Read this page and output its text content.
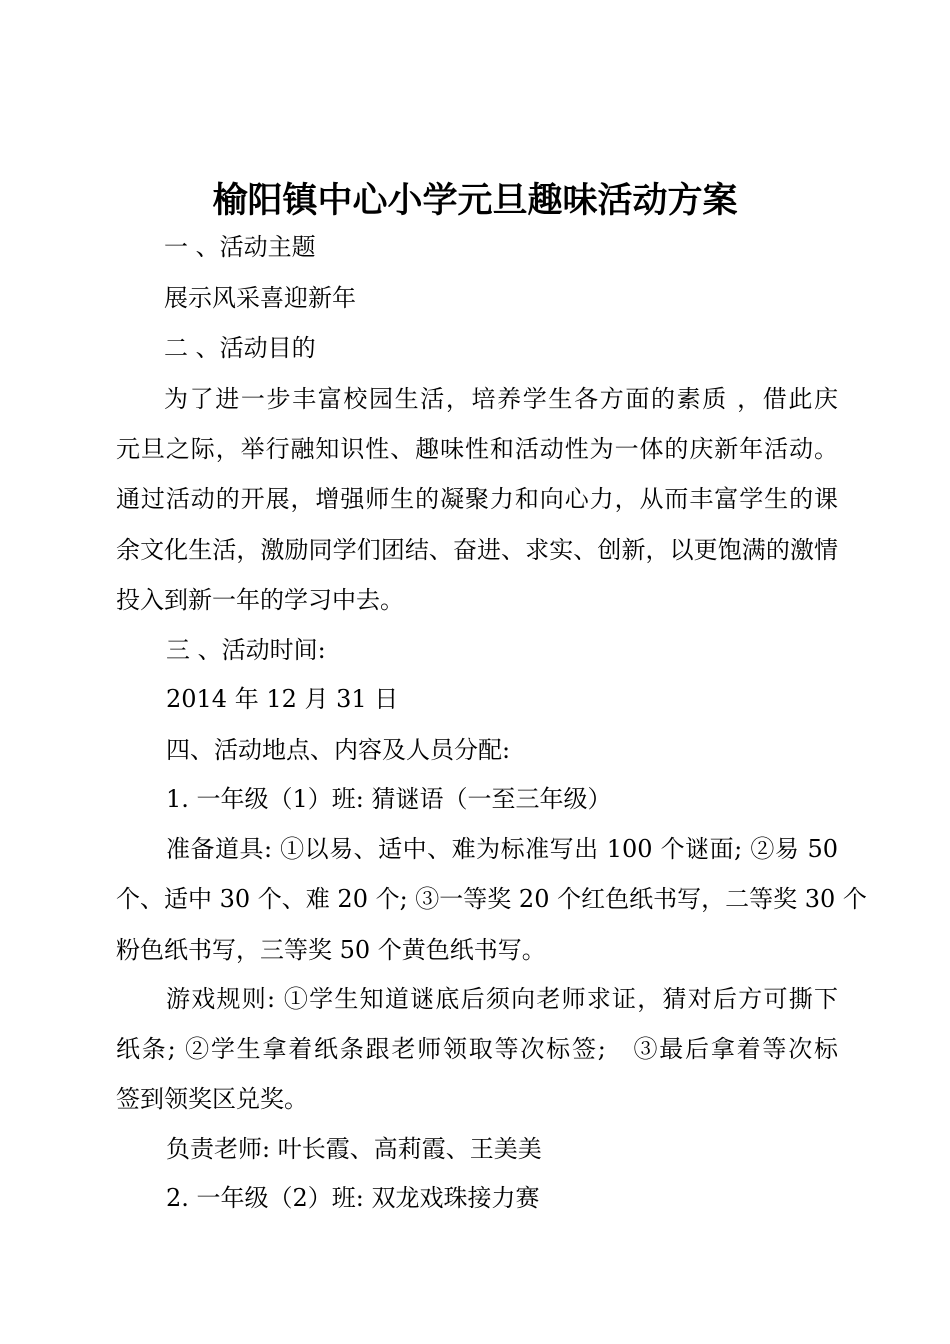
榆阳镇中心小学元旦趣味活动方案
一 、活动主题
展示风采喜迎新年
二 、活动目的
为了进一步丰富校园生活，培养学生各方面的素质 ，借此庆
元旦之际，举行融知识性、趣味性和活动性为一体的庆新年活动。
通过活动的开展，增强师生的凝聚力和向心力，从而丰富学生的课
余文化生活，激励同学们团结、奋进、求实、创新，以更饱满的激情
投入到新一年的学习中去。
三 、活动时间:
2014 年 12 月 31 日
四、活动地点、内容及人员分配:
1. 一年级（1）班: 猜谜语（一至三年级）
准备道具: ①以易、适中、难为标准写出 100 个谜面; ②易 50
个、适中 30 个、难 20 个; ③一等奖 20 个红色纸书写，二等奖 30 个
粉色纸书写，三等奖 50 个黄色纸书写。
游戏规则: ①学生知道谜底后须向老师求证，猜对后方可撕下
纸条; ②学生拿着纸条跟老师领取等次标签;　③最后拿着等次标
签到领奖区兑奖。
负责老师: 叶长霞、高莉霞、王美美
2. 一年级（2）班: 双龙戏珠接力赛
